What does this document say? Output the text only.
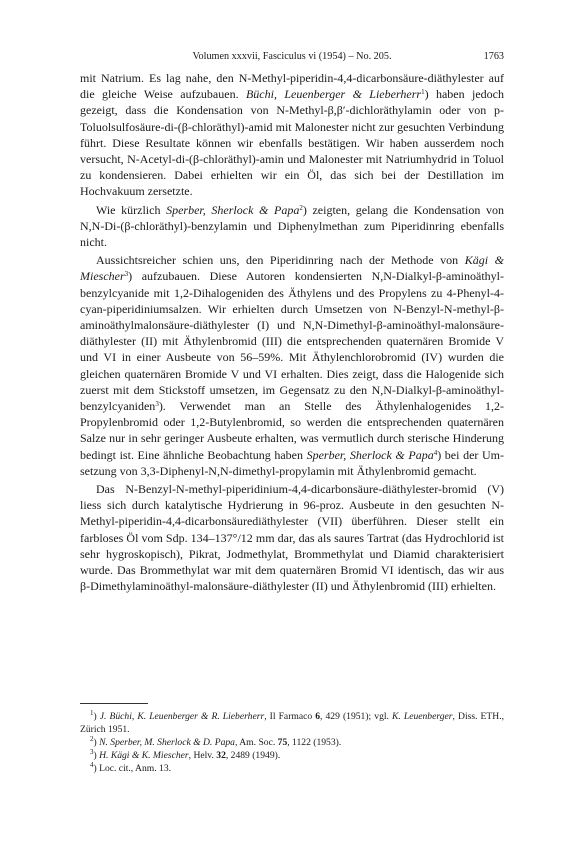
Volumen xxxvii, Fasciculus vi (1954) – No. 205.	1763

mit Natrium. Es lag nahe, den N-Methyl-piperidin-4,4-dicarbonsäure-diäthylester auf die gleiche Weise aufzubauen. Büchi, Leuenberger & Lieberherr$^1$) haben jedoch gezeigt, dass die Kondensation von N-Methyl-β,β′-dichloräthylamin oder von p-Toluolsulfosäure-di-(β-chloräthyl)-amid mit Malonester nicht zur gesuchten Verbindung führt. Diese Resultate können wir ebenfalls bestätigen. Wir haben ausserdem noch versucht, N-Acetyl-di-(β-chloräthyl)-amin und Malonester mit Natriumhydrid in Toluol zu kondensieren. Dabei erhielten wir ein Öl, das sich bei der Destillation im Hochvakuum zersetzte.

Wie kürzlich Sperber, Sherlock & Papa$^2$) zeigten, gelang die Kondensation von N,N-Di-(β-chloräthyl)-benzylamin und Diphenylmethan zum Piperidinring ebenfalls nicht.

Aussichtsreicher schien uns, den Piperidinring nach der Methode von Kägi & Miescher$^3$) aufzubauen. Diese Autoren kondensierten N,N-Dialkyl-β-aminoäthyl-benzylcyanide mit 1,2-Dihalogeniden des Äthylens und des Propylens zu 4-Phenyl-4-cyan-piperidiniumsalzen. Wir erhielten durch Umsetzen von N-Benzyl-N-methyl-β-aminoäthylmalonsäure-diäthylester (I) und N,N-Dimethyl-β-aminoäthyl-malonsäure-diäthylester (II) mit Äthylenbromid (III) die entsprechenden quaternären Bromide V und VI in einer Ausbeute von 56–59%. Mit Äthylenchlorobromid (IV) wurden die gleichen quaternären Bromide V und VI erhalten. Dies zeigt, dass die Halogenide sich zuerst mit dem Stickstoff umsetzen, im Gegensatz zu den N,N-Dialkyl-β-aminoäthyl-benzylcyaniden$^3$). Verwendet man an Stelle des Äthylenhalogenides 1,2-Propylenbromid oder 1,2-Butylenbromid, so werden die entsprechenden quaternären Salze nur in sehr geringer Ausbeute erhalten, was vermutlich durch sterische Hinderung bedingt ist. Eine ähnliche Beobachtung haben Sperber, Sherlock & Papa$^4$) bei der Umsetzung von 3,3-Diphenyl-N,N-dimethyl-propylamin mit Äthylenbromid gemacht.

Das N-Benzyl-N-methyl-piperidinium-4,4-dicarbonsäure-diäthylester-bromid (V) liess sich durch katalytische Hydrierung in 96-proz. Ausbeute in den gesuchten N-Methyl-piperidin-4,4-dicarbonsäurediäthylester (VII) überführen. Dieser stellt ein farbloses Öl vom Sdp. 134–137°/12 mm dar, das als saures Tartrat (das Hydrochlorid ist sehr hygroskopisch), Pikrat, Jodmethylat, Brommethylat und Diamid charakterisiert wurde. Das Brommethylat war mit dem quaternären Bromid VI identisch, das wir aus β-Dimethylaminoäthyl-malonsäure-diäthylester (II) und Äthylenbromid (III) erhielten.

$^1$) J. Büchi, K. Leuenberger & R. Lieberherr, Il Farmaco 6, 429 (1951); vgl. K. Leuenberger, Diss. ETH., Zürich 1951.
$^2$) N. Sperber, M. Sherlock & D. Papa, Am. Soc. 75, 1122 (1953).
$^3$) H. Kägi & K. Miescher, Helv. 32, 2489 (1949).
$^4$) Loc. cit., Anm. 13.
